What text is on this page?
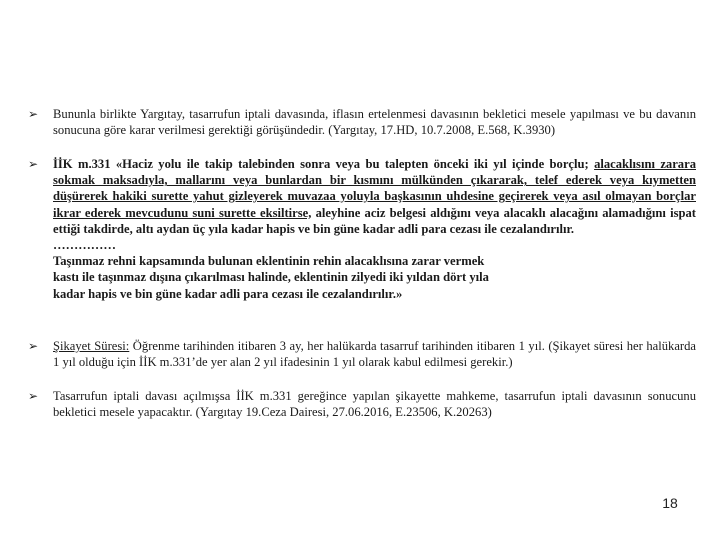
➢	Bununla birlikte Yargıtay, tasarrufun iptali davasında, iflasın ertelenmesi davasının bekletici mesele yapılması ve bu davanın sonucuna göre karar verilmesi gerektiği görüşündedir. (Yargıtay, 17.HD, 10.7.2008, E.568, K.3930)
➢	İİK m.331 «Haciz yolu ile takip talebinden sonra veya bu talepten önceki iki yıl içinde borçlu; alacaklısını zarara sokmak maksadıyla, mallarını veya bunlardan bir kısmını mülkünden çıkararak, telef ederek veya kıymetten düşürerek hakiki surette yahut gizleyerek muvazaa yoluyla başkasının uhdesine geçirerek veya asıl olmayan borçlar ikrar ederek mevcudunu suni surette eksiltirse, aleyhine aciz belgesi aldığını veya alacaklı alacağını alamadığını ispat ettiği takdirde, altı aydan üç yıla kadar hapis ve bin güne kadar adli para cezası ile cezalandırılır.
……………
Taşınmaz rehni kapsamında bulunan eklentinin rehin alacaklısına zarar vermek
kastı ile taşınmaz dışına çıkarılması halinde, eklentinin zilyedi iki yıldan dört yıla
kadar hapis ve bin güne kadar adli para cezası ile cezalandırılır.»
➢	Şikayet Süresi: Öğrenme tarihinden itibaren 3 ay, her halükarda tasarruf tarihinden itibaren 1 yıl. (Şikayet süresi her halükarda 1 yıl olduğu için İİK m.331’de yer alan 2 yıl ifadesinin 1 yıl olarak kabul edilmesi gerekir.)
➢	Tasarrufun iptali davası açılmışsa İİK m.331 gereğince yapılan şikayette mahkeme, tasarrufun iptali davasının sonucunu bekletici mesele yapacaktır. (Yargıtay 19.Ceza Dairesi, 27.06.2016, E.23506, K.20263)
18
